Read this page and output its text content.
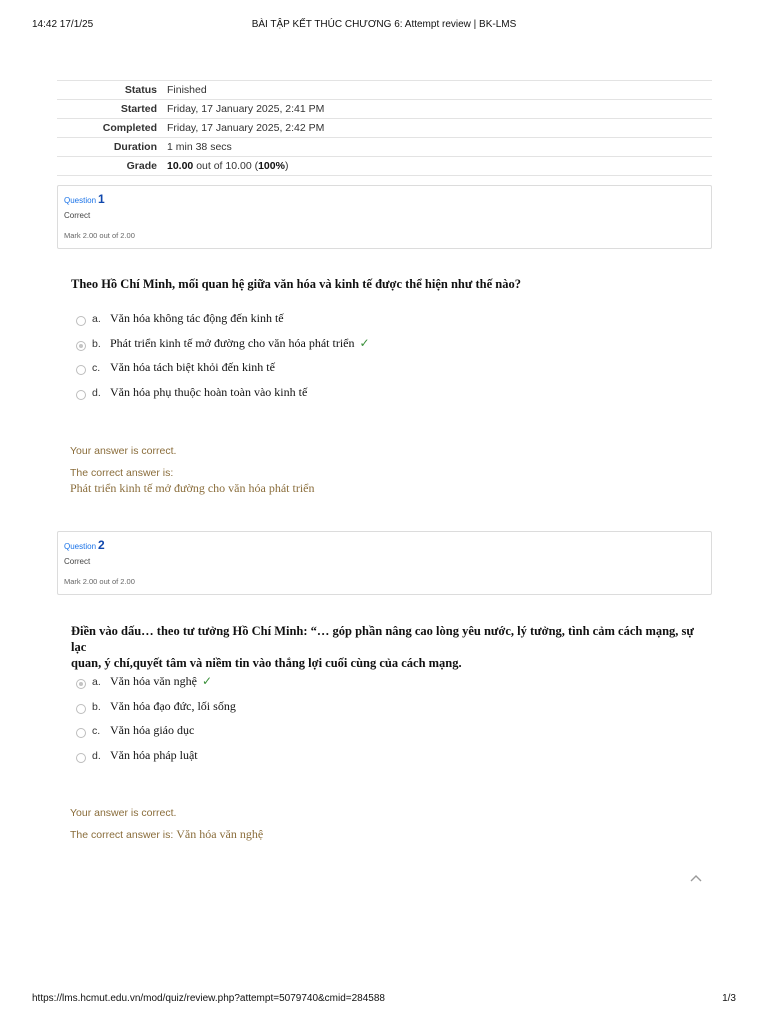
14:42 17/1/25	BÀI TẬP KẾT THÚC CHƯƠNG 6: Attempt review | BK-LMS
Status	Finished
Started	Friday, 17 January 2025, 2:41 PM
Completed	Friday, 17 January 2025, 2:42 PM
Duration	1 min 38 secs
Grade	10.00 out of 10.00 (100%)
Question 1
Correct
Mark 2.00 out of 2.00
Theo Hồ Chí Minh, mối quan hệ giữa văn hóa và kinh tế được thể hiện như thế nào?
a. Văn hóa không tác động đến kinh tế
b. Phát triển kinh tế mở đường cho văn hóa phát triển ✓
c. Văn hóa tách biệt khỏi đến kinh tế
d. Văn hóa phụ thuộc hoàn toàn vào kinh tế
Your answer is correct.
The correct answer is:
Phát triển kinh tế mở đường cho văn hóa phát triển
Question 2
Correct
Mark 2.00 out of 2.00
Điền vào dấu… theo tư tưởng Hồ Chí Minh: “… góp phần nâng cao lòng yêu nước, lý tưởng, tình cảm cách mạng, sự lạc
quan, ý chí,quyết tâm và niềm tin vào thắng lợi cuối cùng của cách mạng.
a. Văn hóa văn nghệ ✓
b. Văn hóa đạo đức, lối sống
c. Văn hóa giáo dục
d. Văn hóa pháp luật
Your answer is correct.
The correct answer is: Văn hóa văn nghệ
https://lms.hcmut.edu.vn/mod/quiz/review.php?attempt=5079740&cmid=284588	1/3
